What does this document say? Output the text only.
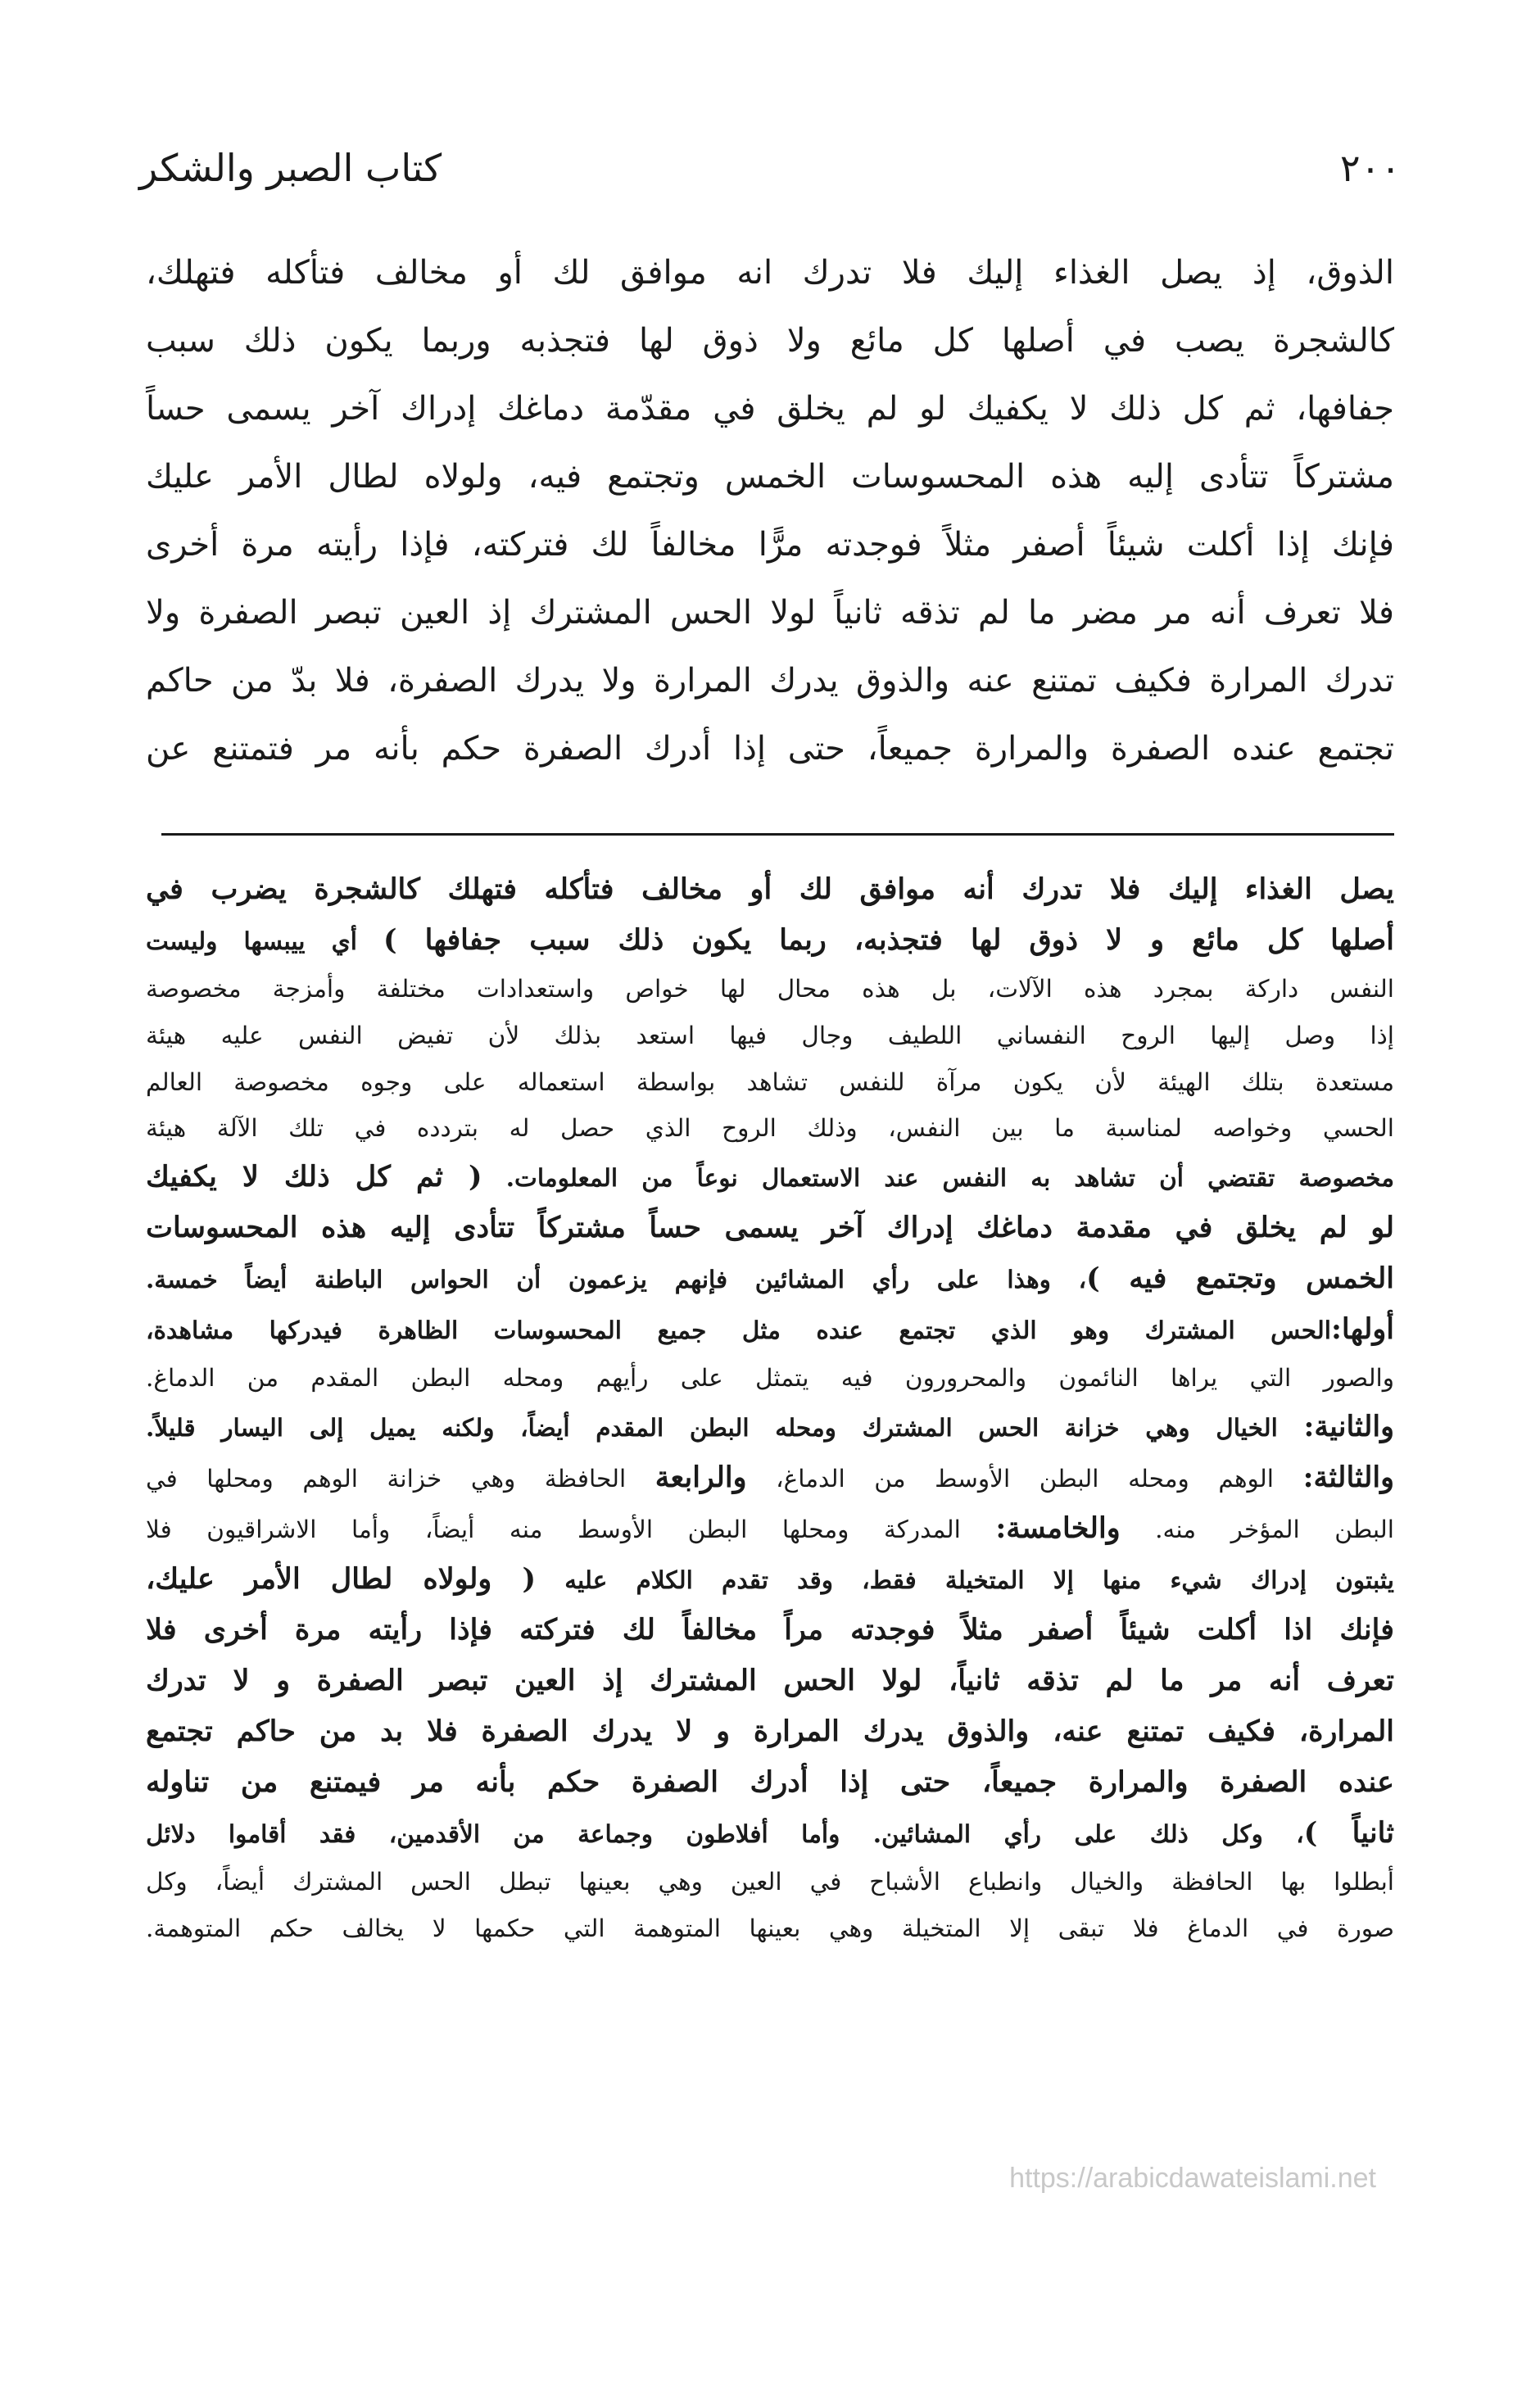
٢٠٠
كتاب الصبر والشكر

الذوق، إذ يصل الغذاء إليك فلا تدرك انه موافق لك أو مخالف فتأكله فتهلك،
كالشجرة يصب في أصلها كل مائع ولا ذوق لها فتجذبه وربما يكون ذلك سبب
جفافها، ثم كل ذلك لا يكفيك لو لم يخلق في مقدّمة دماغك إدراك آخر يسمى حساً
مشتركاً تتأدى إليه هذه المحسوسات الخمس وتجتمع فيه، ولولاه لطال الأمر عليك
فإنك إذا أكلت شيئاً أصفر مثلاً فوجدته مرًّا مخالفاً لك فتركته، فإذا رأيته مرة أخرى
فلا تعرف أنه مر مضر ما لم تذقه ثانياً لولا الحس المشترك إذ العين تبصر الصفرة ولا
تدرك المرارة فكيف تمتنع عنه والذوق يدرك المرارة ولا يدرك الصفرة، فلا بدّ من حاكم
تجتمع عنده الصفرة والمرارة جميعاً، حتى إذا أدرك الصفرة حكم بأنه مر فتمتنع عن

يصل الغذاء إليك فلا تدرك أنه موافق لك أو مخالف فتأكله فتهلك كالشجرة يضرب في
أصلها كل مائع و لا ذوق لها فتجذبه، ربما يكون ذلك سبب جفافها ) أي ييبسها وليست
النفس داركة بمجرد هذه الآلات، بل هذه محال لها خواص واستعدادات مختلفة وأمزجة مخصوصة
إذا وصل إليها الروح النفساني اللطيف وجال فيها استعد بذلك لأن تفيض النفس عليه هيئة
مستعدة بتلك الهيئة لأن يكون مرآة للنفس تشاهد بواسطة استعماله على وجوه مخصوصة العالم
الحسي وخواصه لمناسبة ما بين النفس، وذلك الروح الذي حصل له بتردده في تلك الآلة هيئة
مخصوصة تقتضي أن تشاهد به النفس عند الاستعمال نوعاً من المعلومات. ( ثم كل ذلك لا يكفيك
لو لم يخلق في مقدمة دماغك إدراك آخر يسمى حساً مشتركاً تتأدى إليه هذه المحسوسات
الخمس وتجتمع فيه )، وهذا على رأي المشائين فإنهم يزعمون أن الحواس الباطنة أيضاً خمسة.
أولها:الحس المشترك وهو الذي تجتمع عنده مثل جميع المحسوسات الظاهرة فيدركها مشاهدة،
والصور التي يراها النائمون والمحرورون فيه يتمثل على رأيهم ومحله البطن المقدم من الدماغ.
والثانية: الخيال وهي خزانة الحس المشترك ومحله البطن المقدم أيضاً، ولكنه يميل إلى اليسار قليلاً.
والثالثة: الوهم ومحله البطن الأوسط من الدماغ، والرابعة الحافظة وهي خزانة الوهم ومحلها في
البطن المؤخر منه. والخامسة: المدركة ومحلها البطن الأوسط منه أيضاً، وأما الاشراقيون فلا
يثبتون إدراك شيء منها إلا المتخيلة فقط، وقد تقدم الكلام عليه ( ولولاه لطال الأمر عليك،
فإنك اذا أكلت شيئاً أصفر مثلاً فوجدته مراً مخالفاً لك فتركته فإذا رأيته مرة أخرى فلا
تعرف أنه مر ما لم تذقه ثانياً، لولا الحس المشترك إذ العين تبصر الصفرة و لا تدرك
المرارة، فكيف تمتنع عنه، والذوق يدرك المرارة و لا يدرك الصفرة فلا بد من حاكم تجتمع
عنده الصفرة والمرارة جميعاً، حتى إذا أدرك الصفرة حكم بأنه مر فيمتنع من تناوله
ثانياً )، وكل ذلك على رأي المشائين. وأما أفلاطون وجماعة من الأقدمين، فقد أقاموا دلائل
أبطلوا بها الحافظة والخيال وانطباع الأشباح في العين وهي بعينها تبطل الحس المشترك أيضاً، وكل
صورة في الدماغ فلا تبقى إلا المتخيلة وهي بعينها المتوهمة التي حكمها لا يخالف حكم المتوهمة.
https://arabicdawateislami.net
